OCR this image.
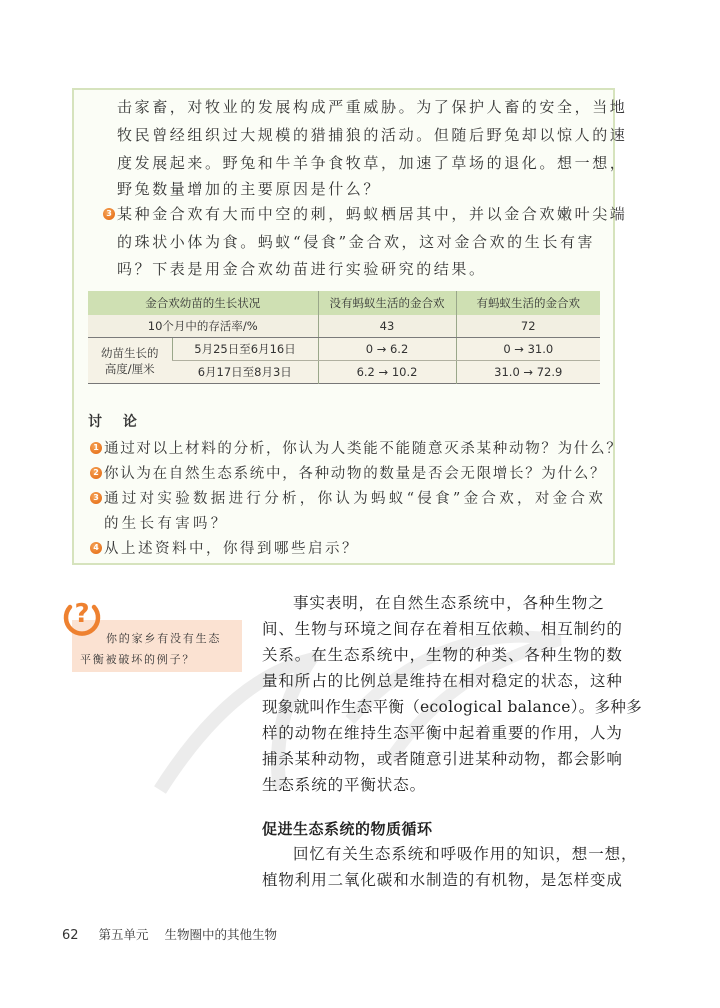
击家畜，对牧业的发展构成严重威胁。为了保护人畜的安全，当地
牧民曾经组织过大规模的猎捕狼的活动。但随后野兔却以惊人的速
度发展起来。野兔和牛羊争食牧草，加速了草场的退化。想一想，
野兔数量增加的主要原因是什么？
3 某种金合欢有大而中空的刺，蚂蚁栖居其中，并以金合欢嫩叶尖端
的珠状小体为食。蚂蚁“侵食”金合欢，这对金合欢的生长有害
吗？下表是用金合欢幼苗进行实验研究的结果。
金合欢幼苗的生长状况		没有蚂蚁生活的金合欢	有蚂蚁生活的金合欢
10个月中的存活率/%		43	72

幼苗生长的
高度/厘米	5月25日至6月16日	0 → 6.2	0 → 31.0
	6月17日至8月3日	6.2 → 10.2	31.0 → 72.9
讨 论
1 通过对以上材料的分析，你认为人类能不能随意灭杀某种动物？为什么？
2 你认为在自然生态系统中，各种动物的数量是否会无限增长？为什么？
3 通过对实验数据进行分析，你认为蚂蚁“侵食”金合欢，对金合欢
的生长有害吗？
4 从上述资料中，你得到哪些启示？
?
你的家乡有没有生态
平衡被破坏的例子？
事实表明，在自然生态系统中，各种生物之
间、生物与环境之间存在着相互依赖、相互制约的
关系。在生态系统中，生物的种类、各种生物的数
量和所占的比例总是维持在相对稳定的状态，这种
现象就叫作生态平衡（ecological balance）。多种多
样的动物在维持生态平衡中起着重要的作用，人为
捕杀某种动物，或者随意引进某种动物，都会影响
生态系统的平衡状态。
促进生态系统的物质循环
回忆有关生态系统和呼吸作用的知识，想一想，
植物利用二氧化碳和水制造的有机物，是怎样变成
62 第五单元 生物圈中的其他生物
